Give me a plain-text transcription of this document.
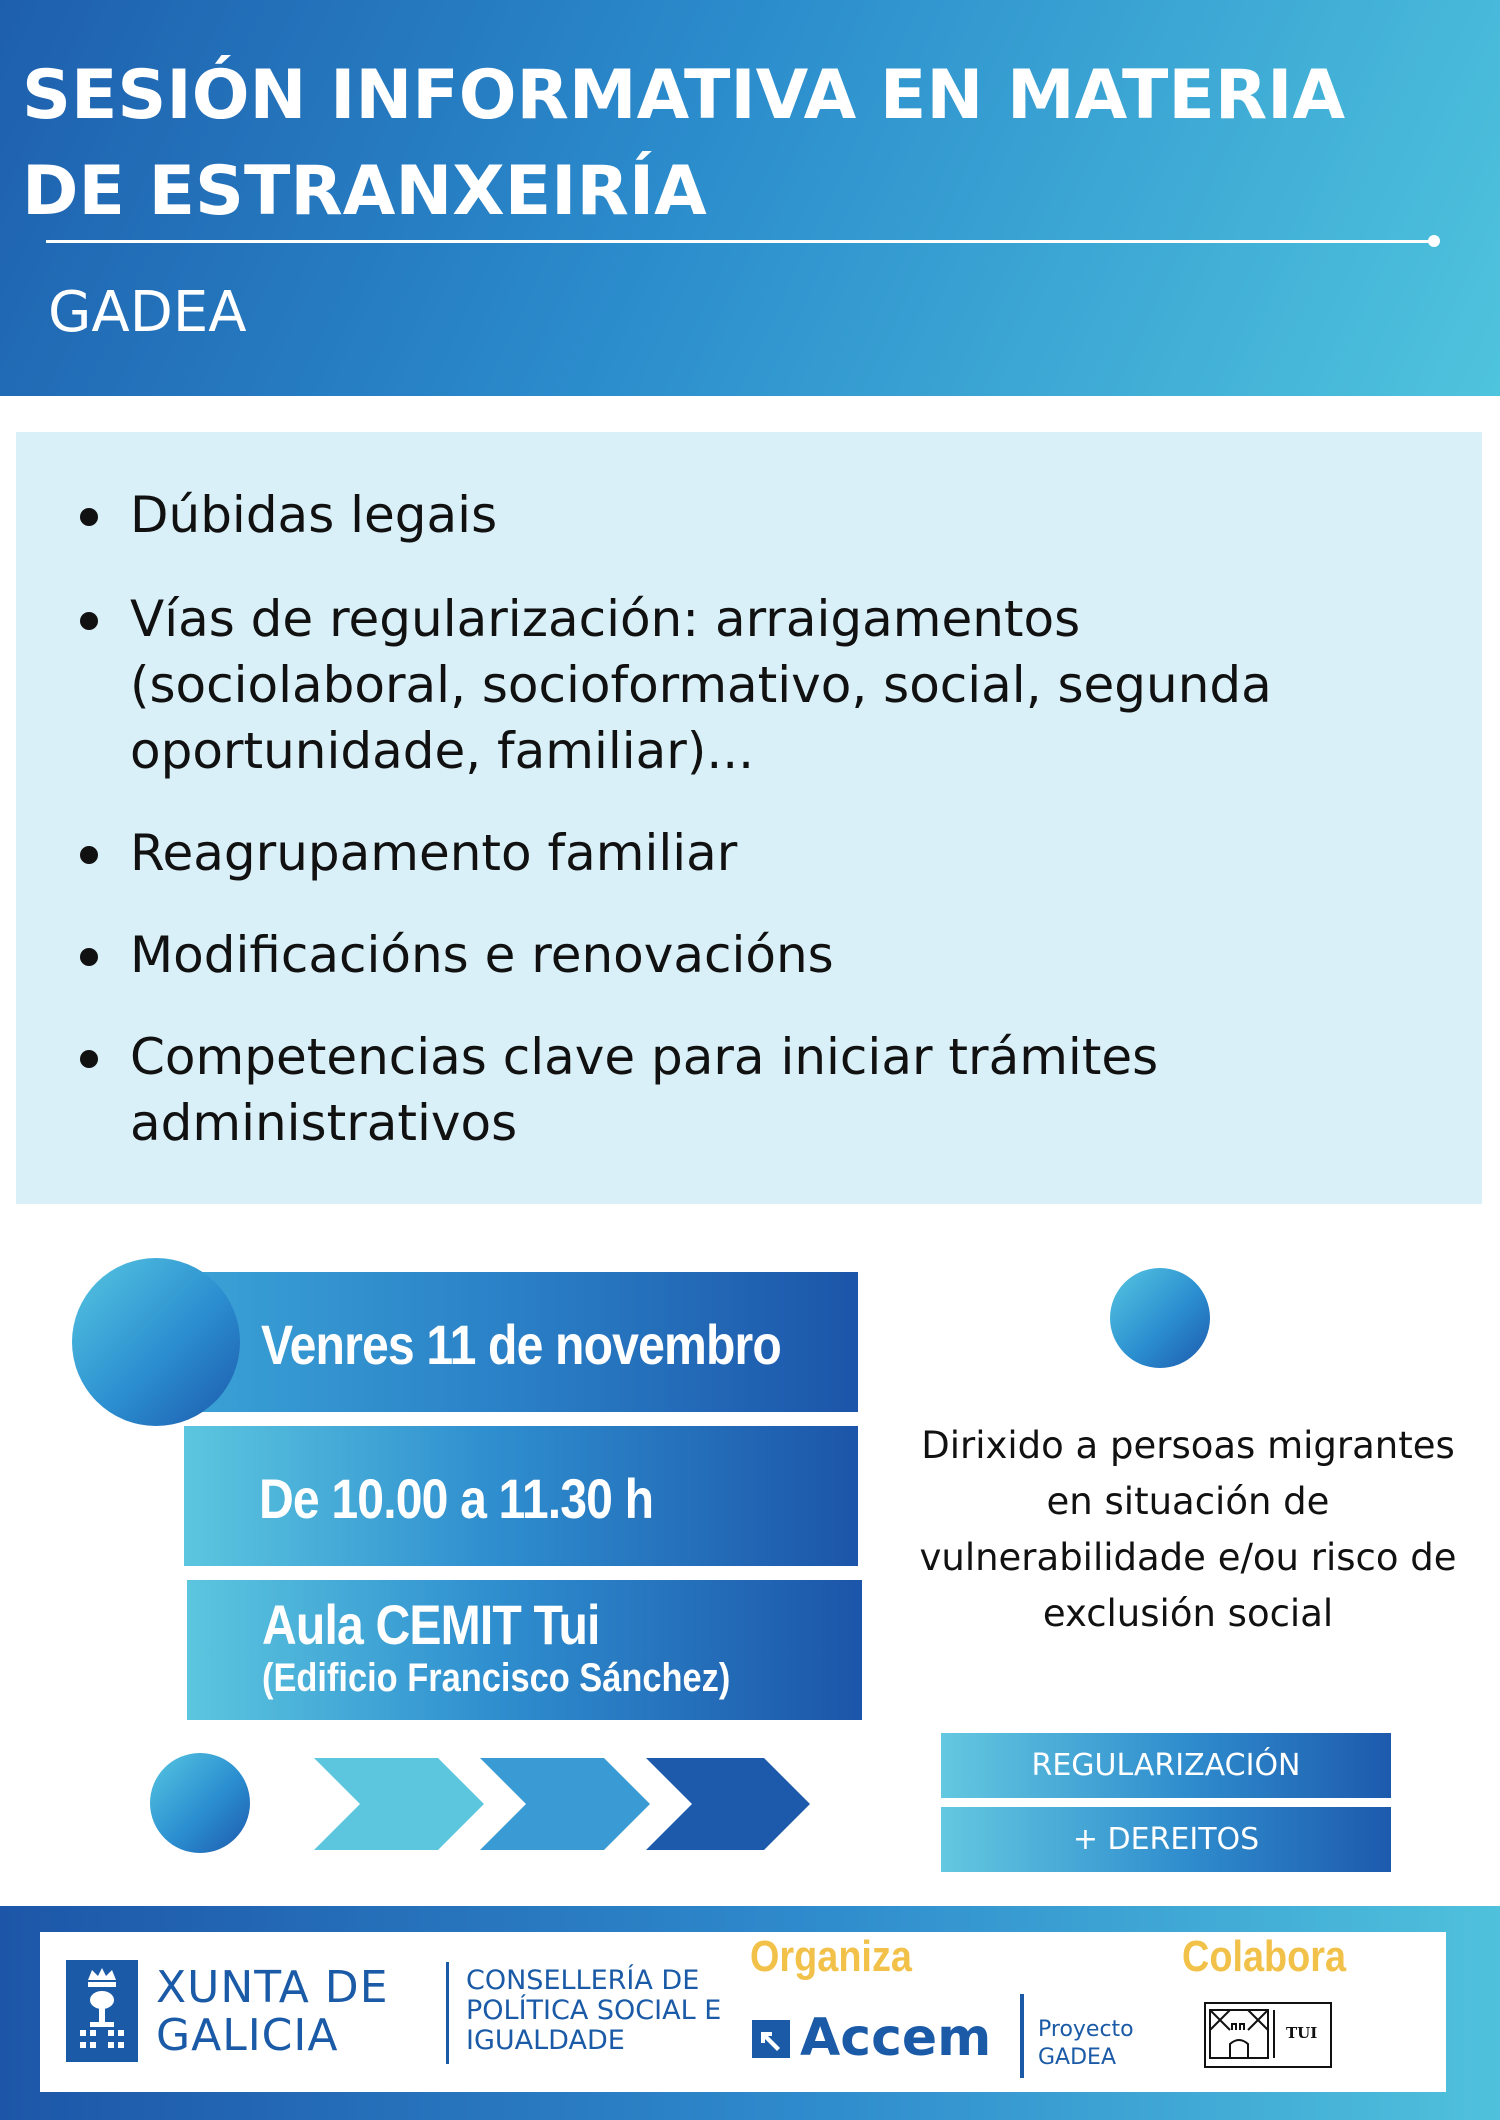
SESIÓN INFORMATIVA EN MATERIA DE ESTRANXEIRÍA
GADEA
Dúbidas legais
Vías de regularización: arraigamentos (sociolaboral, socioformativo, social, segunda oportunidade, familiar)...
Reagrupamento familiar
Modificacións e renovacións
Competencias clave para iniciar trámites administrativos
Venres 11 de novembro
De 10.00 a 11.30 h
Aula CEMIT Tui
(Edificio Francisco Sánchez)
Dirixido a persoas migrantes en situación de vulnerabilidade e/ou risco de exclusión social
REGULARIZACIÓN
+ DEREITOS
XUNTA DE GALICIA
CONSELLERÍA DE POLÍTICA SOCIAL E IGUALDADE
Organiza
Accem Proyecto GADEA
Colabora
TUI
